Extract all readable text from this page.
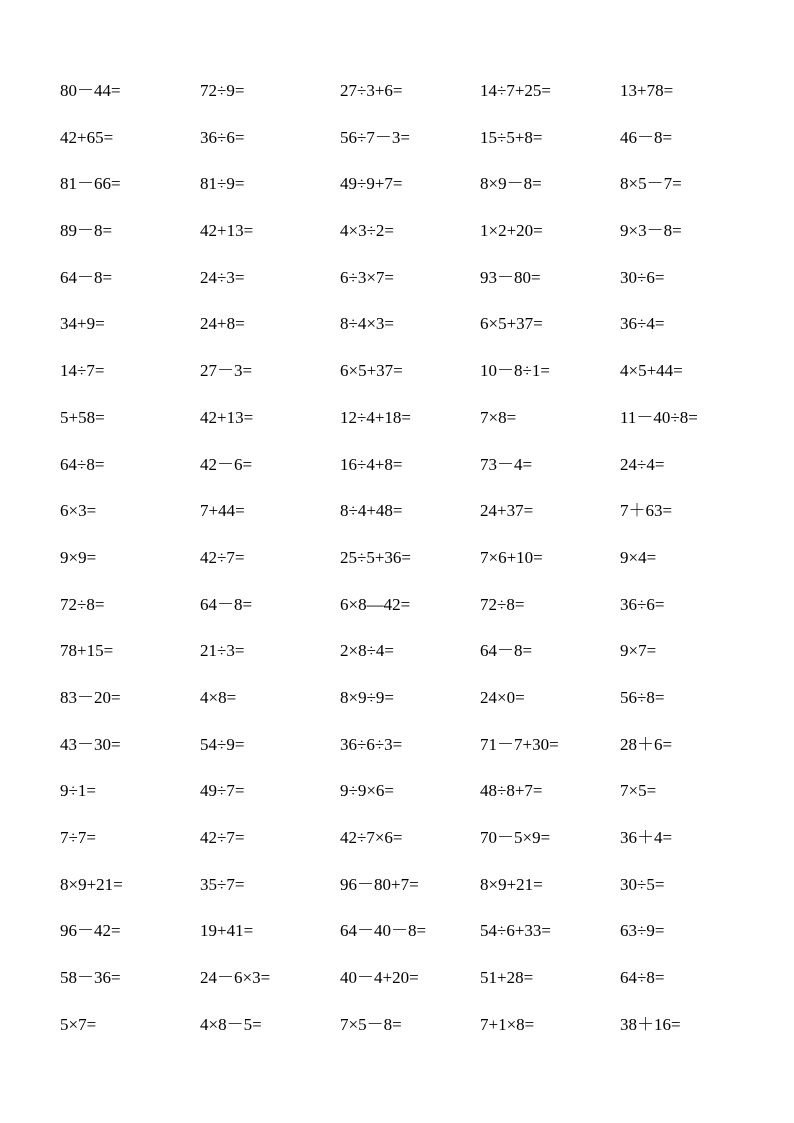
80－44=	72÷9=	27÷3+6=	14÷7+25=	13+78=
42+65=	36÷6=	56÷7－3=	15÷5+8=	46－8=
81－66=	81÷9=	49÷9+7=	8×9－8=	8×5－7=
89－8=	42+13=	4×3÷2=	1×2+20=	9×3－8=
64－8=	24÷3=	6÷3×7=	93－80=	30÷6=
34+9=	24+8=	8÷4×3=	6×5+37=	36÷4=
14÷7=	27－3=	6×5+37=	10－8÷1=	4×5+44=
5+58=	42+13=	12÷4+18=	7×8=	11－40÷8=
64÷8=	42－6=	16÷4+8=	73－4=	24÷4=
6×3=	7+44=	8÷4+48=	24+37=	7＋63=
9×9=	42÷7=	25÷5+36=	7×6+10=	9×4=
72÷8=	64－8=	6×8—42=	72÷8=	36÷6=
78+15=	21÷3=	2×8÷4=	64－8=	9×7=
83－20=	4×8=	8×9÷9=	24×0=	56÷8=
43－30=	54÷9=	36÷6÷3=	71－7+30=	28＋6=
9÷1=	49÷7=	9÷9×6=	48÷8+7=	7×5=
7÷7=	42÷7=	42÷7×6=	70－5×9=	36＋4=
8×9+21=	35÷7=	96－80+7=	8×9+21=	30÷5=
96－42=	19+41=	64－40－8=	54÷6+33=	63÷9=
58－36=	24－6×3=	40－4+20=	51+28=	64÷8=
5×7=	4×8－5=	7×5－8=	7+1×8=	38＋16=
